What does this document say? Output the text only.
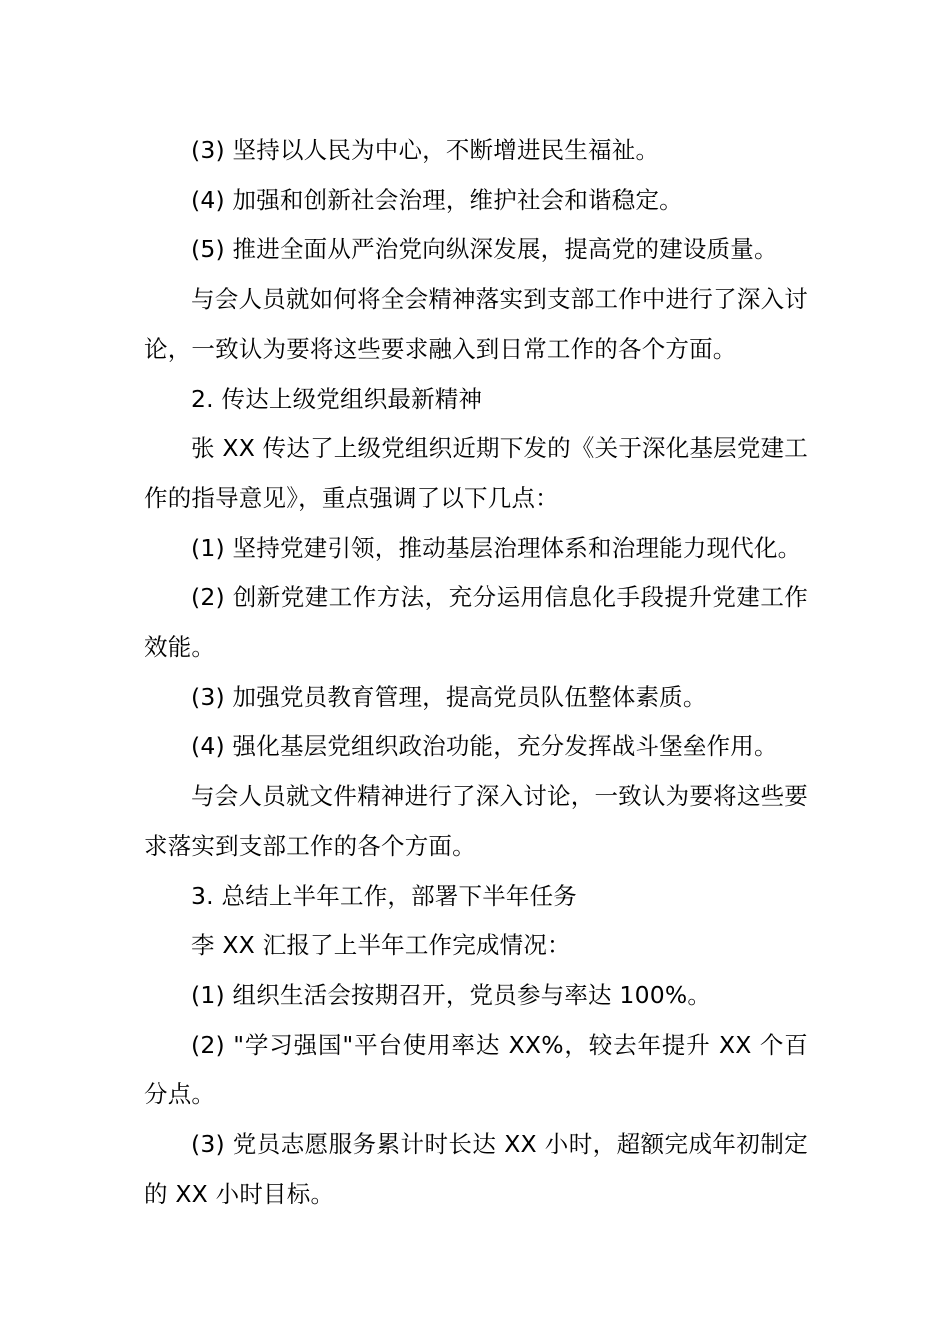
(3) 坚持以人民为中心，不断增进民生福祉。

(4) 加强和创新社会治理，维护社会和谐稳定。

(5) 推进全面从严治党向纵深发展，提高党的建设质量。

与会人员就如何将全会精神落实到支部工作中进行了深入讨论，一致认为要将这些要求融入到日常工作的各个方面。

2. 传达上级党组织最新精神

张 XX 传达了上级党组织近期下发的《关于深化基层党建工作的指导意见》，重点强调了以下几点：

(1) 坚持党建引领，推动基层治理体系和治理能力现代化。

(2) 创新党建工作方法，充分运用信息化手段提升党建工作效能。

(3) 加强党员教育管理，提高党员队伍整体素质。

(4) 强化基层党组织政治功能，充分发挥战斗堡垒作用。

与会人员就文件精神进行了深入讨论，一致认为要将这些要求落实到支部工作的各个方面。

3. 总结上半年工作，部署下半年任务

李 XX 汇报了上半年工作完成情况：

(1) 组织生活会按期召开，党员参与率达 100%。

(2) "学习强国"平台使用率达 XX%，较去年提升 XX 个百分点。

(3) 党员志愿服务累计时长达 XX 小时，超额完成年初制定的 XX 小时目标。
